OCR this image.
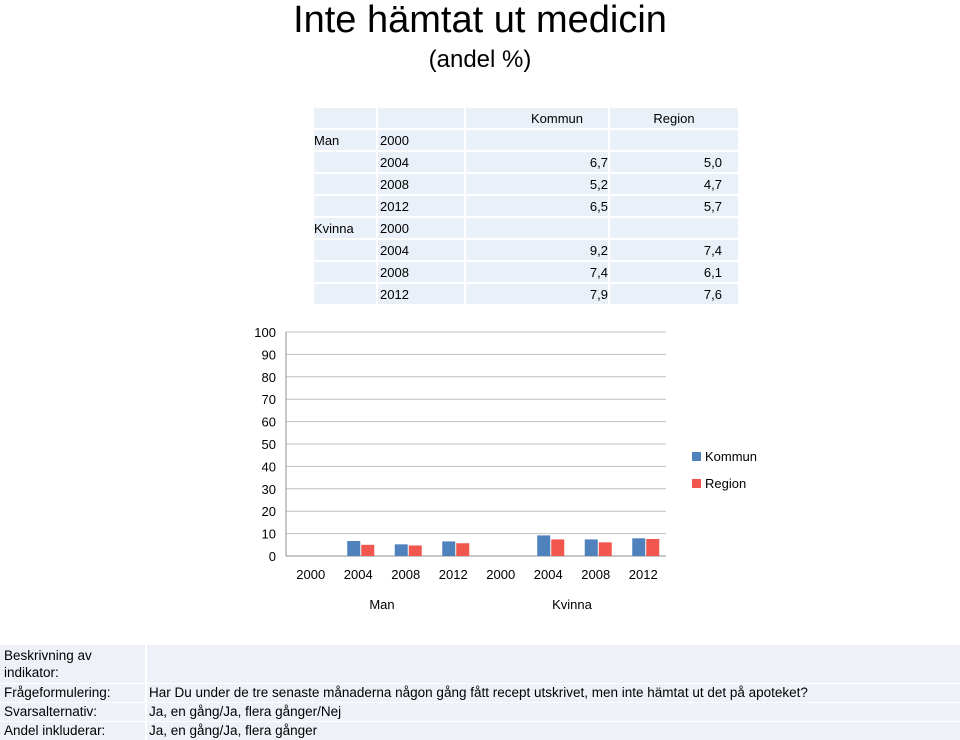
Inte hämtat ut medicin
(andel %)
				Kommun		Region
Man		2000				
		2004		6,7		5,0
		2008		5,2		4,7
		2012		6,5		5,7
Kvinna		2000				
		2004		9,2		7,4
		2008		7,4		6,1
		2012		7,9		7,6
0
10
20
30
40
50
60
70
80
90
100
2000 2004 2008 2012 2000 2004 2008 2012
Man	Kvinna
Kommun
Region
Beskrivning av indikator:
Frågeformulering:	Har Du under de tre senaste månaderna någon gång fått recept utskrivet, men inte hämtat ut det på apoteket?
Svarsalternativ:	Ja, en gång/Ja, flera gånger/Nej
Andel inkluderar:	Ja, en gång/Ja, flera gånger
